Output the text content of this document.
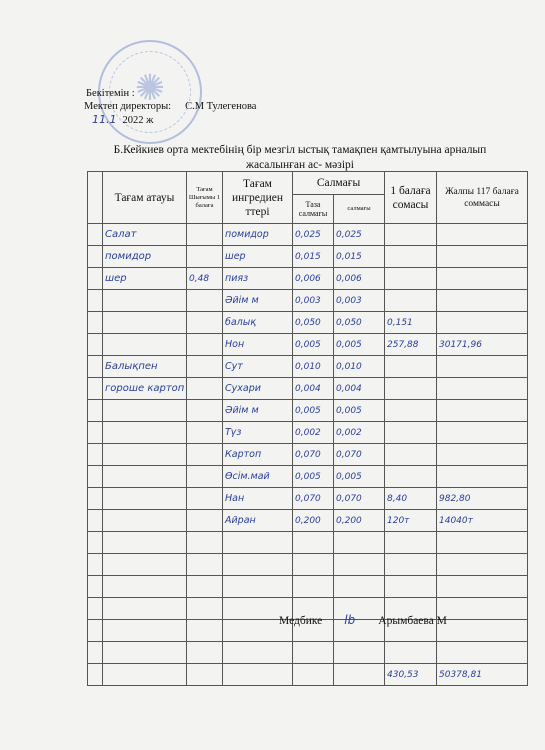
✺
Бекітемін :
Мектеп директоры: С.М Тулегенова
11.1 2022 ж
Б.Кейкиев орта мектебінің бір мезгіл ыстық тамақпен қамтылуына арналып
жасалынған ас- мәзірі
	Тағам атауы	Тағам Шығымы 1 балаға	Тағам ингредиен ттері	Салмағы		1 балаға сомасы	Жалпы 117 балаға соммасы
				Таза салмағы	салмағы		
	Салат		помидор	0,025	0,025		
	помидор		шер	0,015	0,015		
	шер	0,48	пияз	0,006	0,006		
			Әйім м	0,003	0,003		
			балық	0,050	0,050	0,151	
			Нон	0,005	0,005	257,88	30171,96
	Балықпен		Сут	0,010	0,010		
	гороше картоп		Сухари	0,004	0,004		
			Әйім м	0,005	0,005		
			Түз	0,002	0,002		
			Картоп	0,070	0,070		
			Өсім.май	0,005	0,005		
			Нан	0,070	0,070	8,40	982,80
			Айран	0,200	0,200	120т	14040т

						430,53	50378,81
Медбике lb Арымбаева М
